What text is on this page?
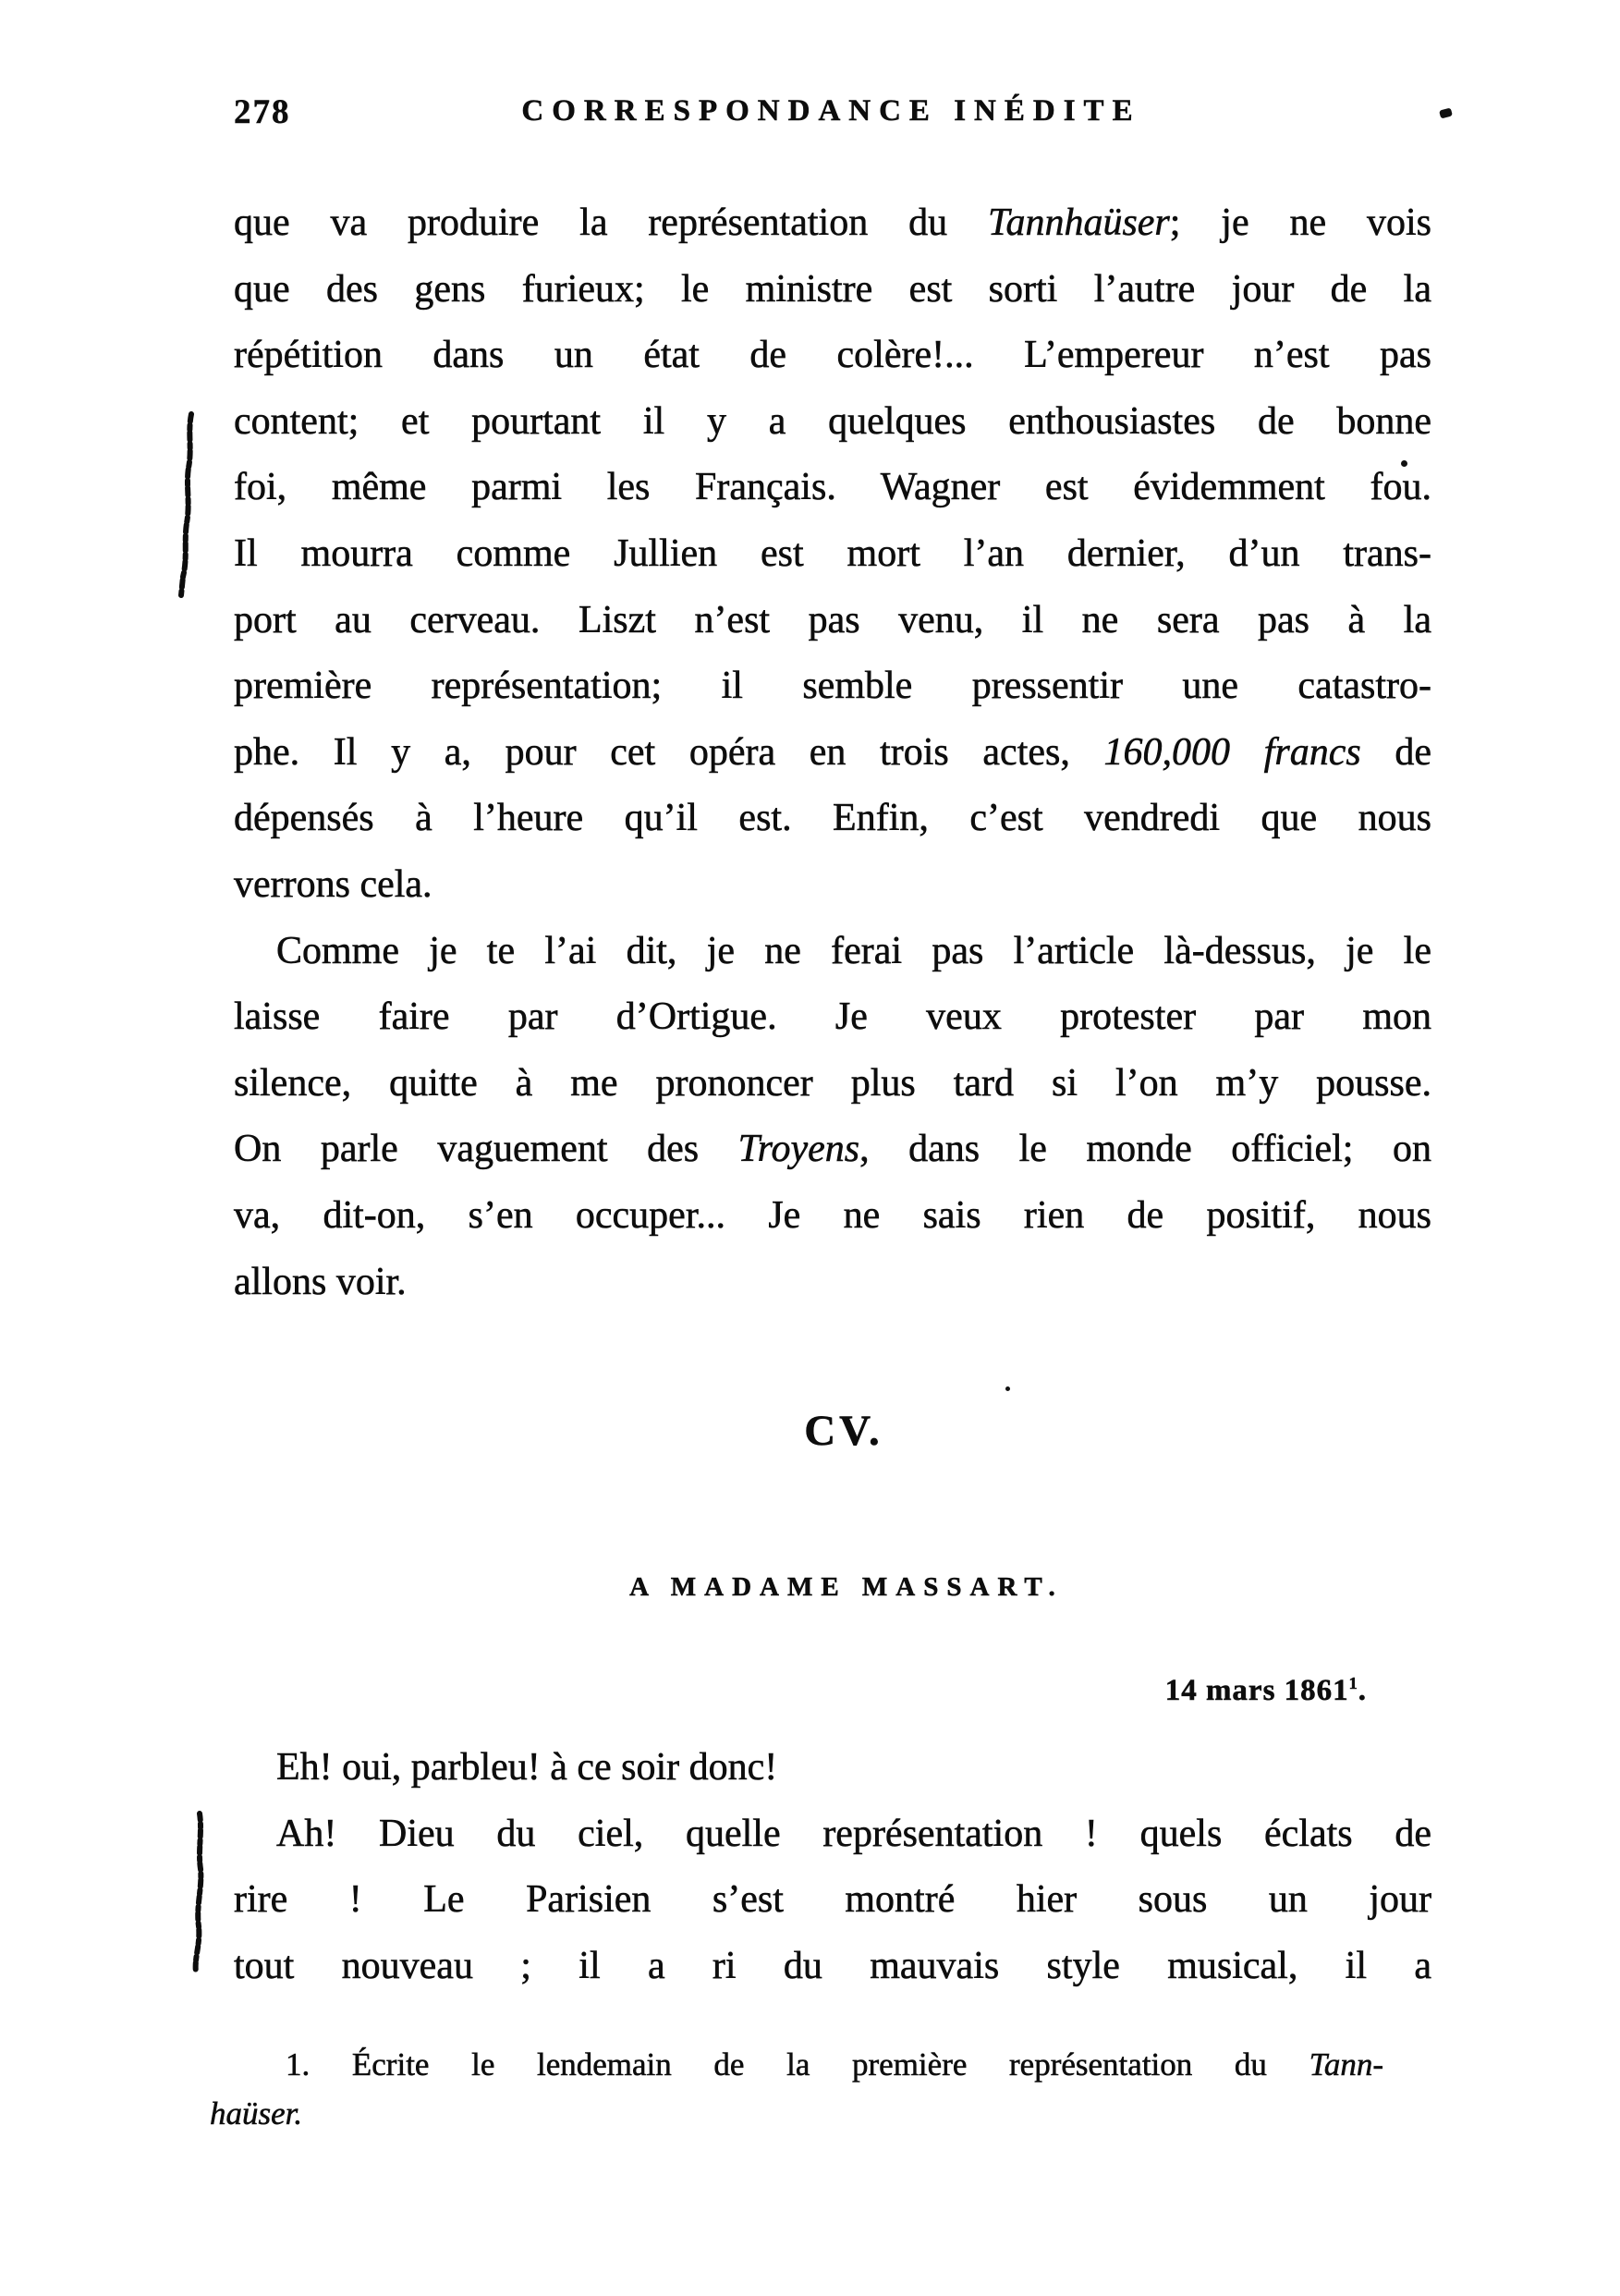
278	CORRESPONDANCE INÉDITE
que va produire la représentation du Tannhaüser; je ne vois
que des gens furieux; le ministre est sorti l’autre jour de la
répétition dans un état de colère!... L’empereur n’est pas
content; et pourtant il y a quelques enthousiastes de bonne
foi, même parmi les Français. Wagner est évidemment fou.
Il mourra comme Jullien est mort l’an dernier, d’un trans-
port au cerveau. Liszt n’est pas venu, il ne sera pas à la
première représentation; il semble pressentir une catastro-
phe. Il y a, pour cet opéra en trois actes, 160,000 francs de
dépensés à l’heure qu’il est. Enfin, c’est vendredi que nous
verrons cela.
Comme je te l’ai dit, je ne ferai pas l’article là-dessus, je le
laisse faire par d’Ortigue. Je veux protester par mon
silence, quitte à me prononcer plus tard si l’on m’y pousse.
On parle vaguement des Troyens, dans le monde officiel; on
va, dit-on, s’en occuper... Je ne sais rien de positif, nous
allons voir.
CV.
A MADAME MASSART.
14 mars 1861$^1$.
Eh! oui, parbleu! à ce soir donc!
Ah! Dieu du ciel, quelle représentation ! quels éclats de
rire ! Le Parisien s’est montré hier sous un jour
tout nouveau ; il a ri du mauvais style musical, il a
1. Écrite le lendemain de la première représentation du Tann-
haüser.
